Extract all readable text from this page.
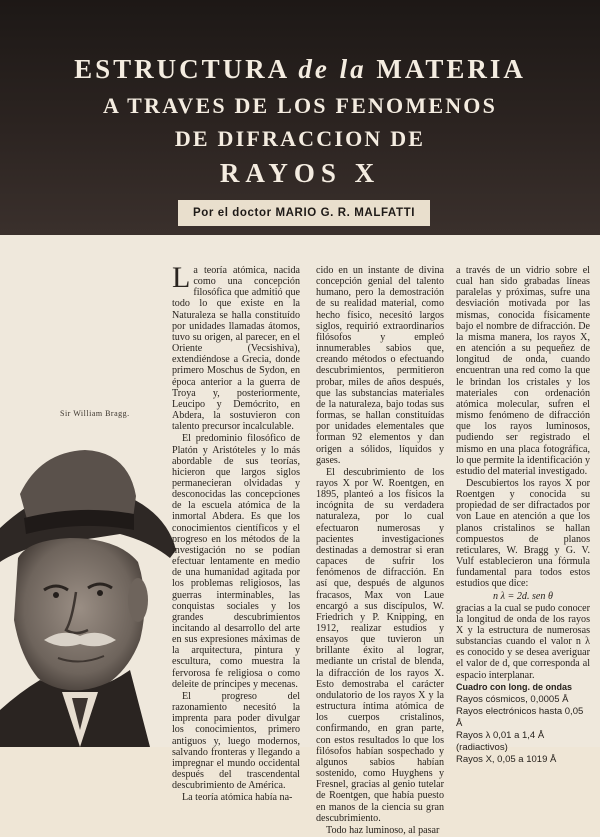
ESTRUCTURA de la MATERIA
A TRAVES DE LOS FENOMENOS
DE DIFRACCION DE
RAYOS X
Por el doctor MARIO G. R. MALFATTI
Sir William Bragg.

La teoría atómica, nacida como una concepción filosófica que admitió que todo lo que existe en la Naturaleza se halla constituído por unidades llamadas átomos, tuvo su origen, al parecer, en el Oriente (Vecsishiva), extendiéndose a Grecia, donde primero Moschus de Sydon, en época anterior a la guerra de Troya y, posteriormente, Leucipo y Demócrito, en Abdera, la sostuvieron con talento precursor incalculable.

El predominio filosófico de Platón y Aristóteles y lo más abordable de sus teorías, hicieron que largos siglos permanecieran olvidadas y desconocidas las concepciones de la escuela atómica de la inmortal Abdera. Es que los conocimientos científicos y el progreso en los métodos de la investigación no se podían efectuar lentamente en medio de una humanidad agitada por los problemas religiosos, las guerras interminables, las conquistas sociales y los grandes descubrimientos incitando al desarrollo del arte en sus expresiones máximas de la arquitectura, pintura y escultura, como muestra la fervorosa fe religiosa o como deleite de príncipes y mecenas.

El progreso del razonamiento necesitó la imprenta para poder divulgar los conocimientos, primero antiguos y, luego modernos, salvando fronteras y llegando a impregnar el mundo occidental después del trascendental descubrimiento de América.

La teoría atómica había na-

cido en un instante de divina concepción genial del talento humano, pero la demostración de su realidad material, como hecho físico, necesitó largos siglos, requirió extraordinarios filósofos y empleó innumerables sabios que, creando métodos o efectuando descubrimientos, permitieron probar, miles de años después, que las substancias materiales de la naturaleza, bajo todas sus formas, se hallan constituídas por unidades elementales que forman 92 elementos y dan origen a sólidos, líquidos y gases.

El descubrimiento de los rayos X por W. Roentgen, en 1895, planteó a los físicos la incógnita de su verdadera naturaleza, por lo cual efectuaron numerosas y pacientes investigaciones destinadas a demostrar si eran capaces de sufrir los fenómenos de difracción. En así que, después de algunos fracasos, Max von Laue encargó a sus discípulos, W. Friedrich y P. Knipping, en 1912, realizar estudios y ensayos que tuvieron un brillante éxito al lograr, mediante un cristal de blenda, la difracción de los rayos X. Esto demostraba el carácter ondulatorio de los rayos X y la estructura íntima atómica de los cuerpos cristalinos, confirmando, en gran parte, con estos resultados lo que los filósofos habían sospechado y algunos sabios habían sostenido, como Huyghens y Fresnel, gracias al genio tutelar de Roentgen, que había puesto en manos de la ciencia su gran descubrimiento.

Todo haz luminoso, al pasar

a través de un vidrio sobre el cual han sido grabadas líneas paralelas y próximas, sufre una desviación motivada por las mismas, conocida físicamente bajo el nombre de difracción. De la misma manera, los rayos X, en atención a su pequeñez de longitud de onda, cuando encuentran una red como la que le brindan los cristales y los materiales con ordenación atómica molecular, sufren el mismo fenómeno de difracción que los rayos luminosos, pudiendo ser registrado el mismo en una placa fotográfica, lo que permite la identificación y estudio del material investigado.

Descubiertos los rayos X por Roentgen y conocida su propiedad de ser difractados por von Laue en atención a que los planos cristalinos se hallan compuestos de planos reticulares, W. Bragg y G. V. Vulf establecieron una fórmula fundamental para todos estos estudios que dice:

n λ = 2d. sen θ

gracias a la cual se pudo conocer la longitud de onda de los rayos X y la estructura de numerosas substancias cuando el valor n λ es conocido y se desea averiguar el valor de d, que corresponda al espacio interplanar.

Cuadro con long. de ondas

Rayos cósmicos, 0,0005 Å

Rayos electrónicos hasta 0,05 Å

Rayos λ 0,01 a 1,4 Å (radiactivos)

Rayos X, 0,05 a 1019 Å
